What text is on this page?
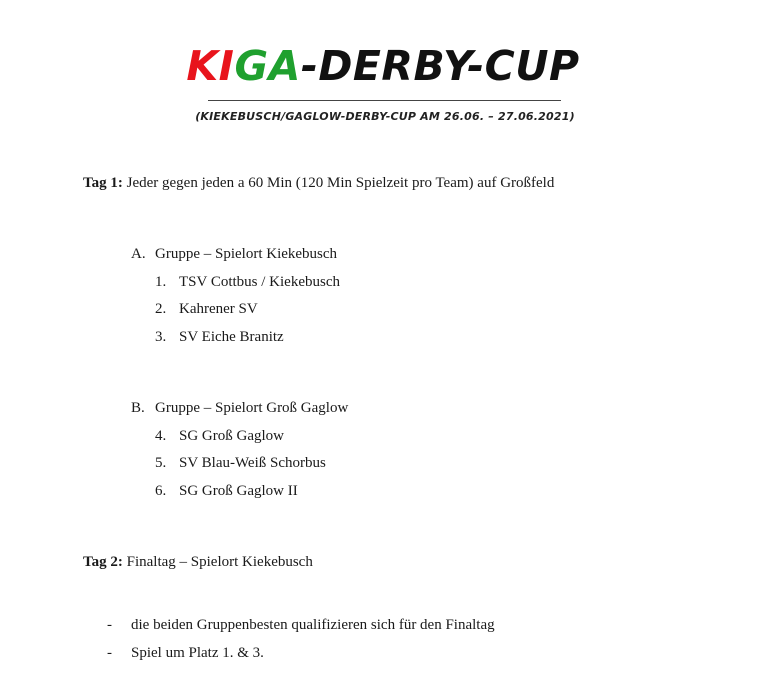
KIGA-DERBY-CUP
(KIEKEBUSCH/GAGLOW-DERBY-CUP AM 26.06. – 27.06.2021)
Tag 1: Jeder gegen jeden a 60 Min (120 Min Spielzeit pro Team) auf Großfeld
A. Gruppe – Spielort Kiekebusch
1. TSV Cottbus / Kiekebusch
2. Kahrener SV
3. SV Eiche Branitz
B. Gruppe – Spielort Groß Gaglow
4. SG Groß Gaglow
5. SV Blau-Weiß Schorbus
6. SG Groß Gaglow II
Tag 2: Finaltag – Spielort Kiekebusch
- die beiden Gruppenbesten qualifizieren sich für den Finaltag
- Spiel um Platz 1. & 3.
